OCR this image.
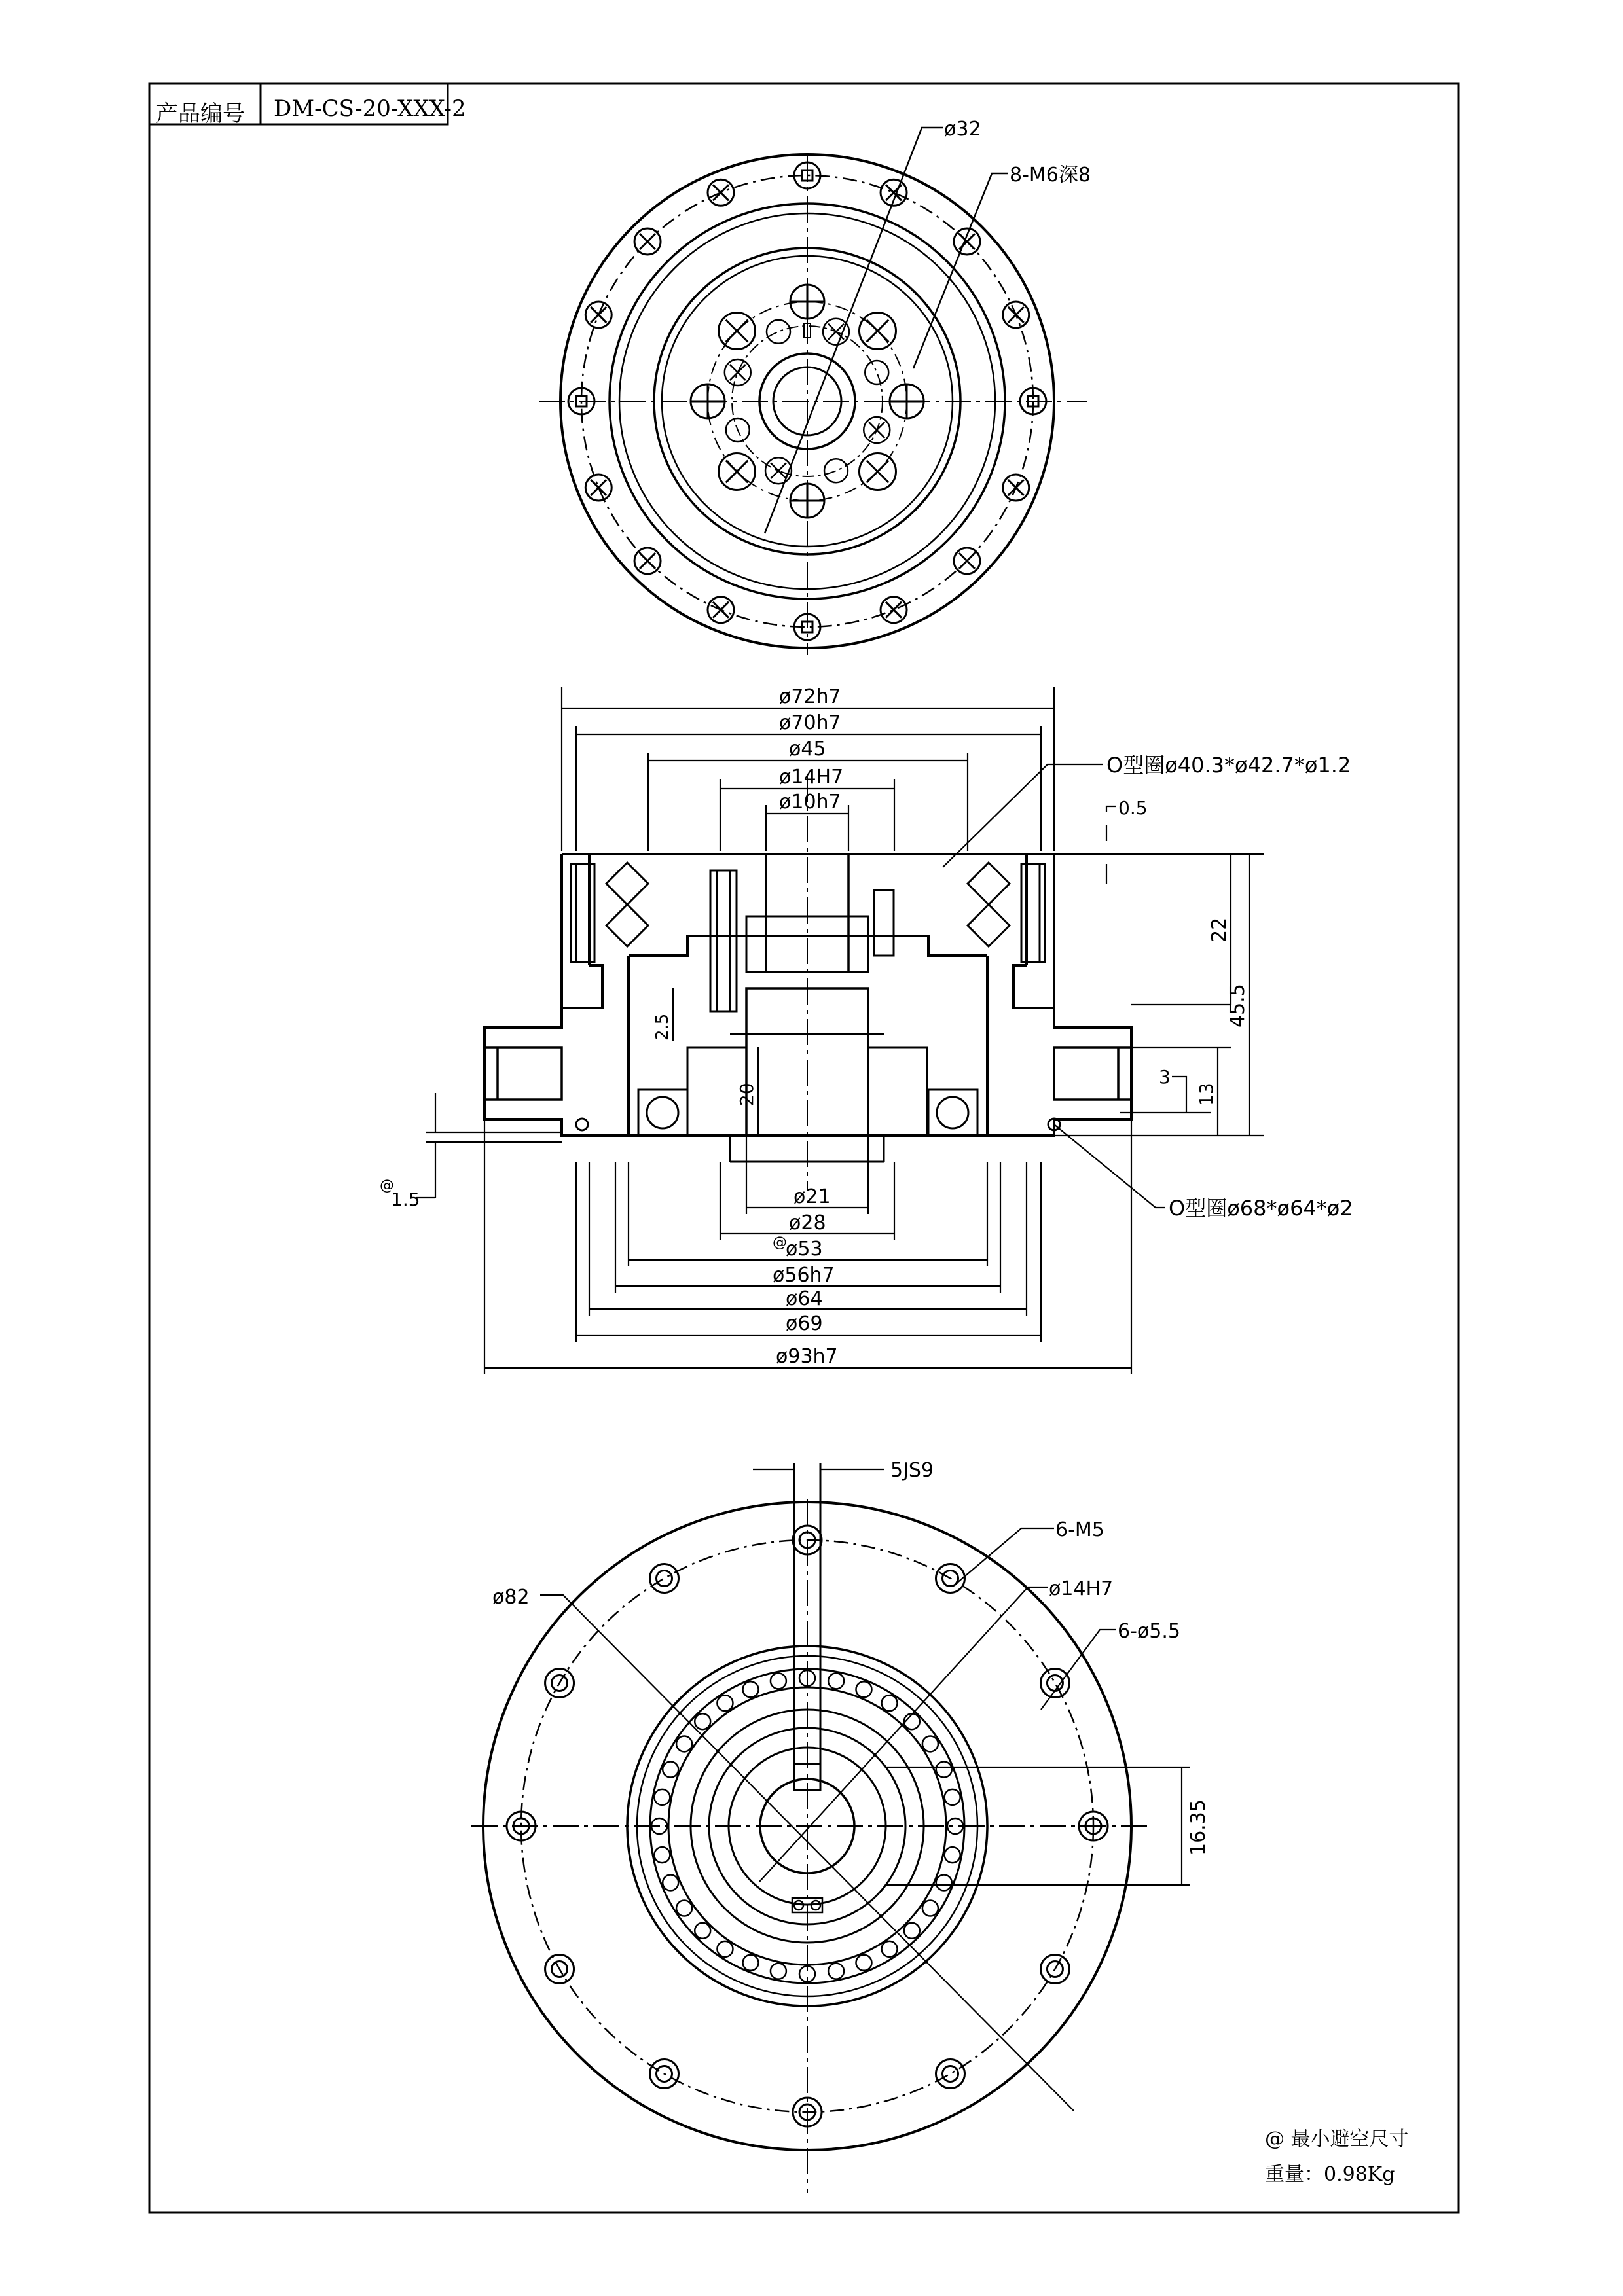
产品编号 DM-CS-20-XXX-2
ø32
8-M6深8
ø72h7
ø70h7
ø45
ø14H7
ø10h7
O型圈ø40.3*ø42.7*ø1.2
0.5
22
45.5
3
13
2.5
20
@
1.5	O型圈ø68*ø64*ø2
ø21
ø28
@
ø53
ø56h7
ø64
ø69
ø93h7
5JS9
6-M5
ø82	ø14H7
6-ø5.5
16.35
@ 最小避空尺寸
重量：0.98Kg
